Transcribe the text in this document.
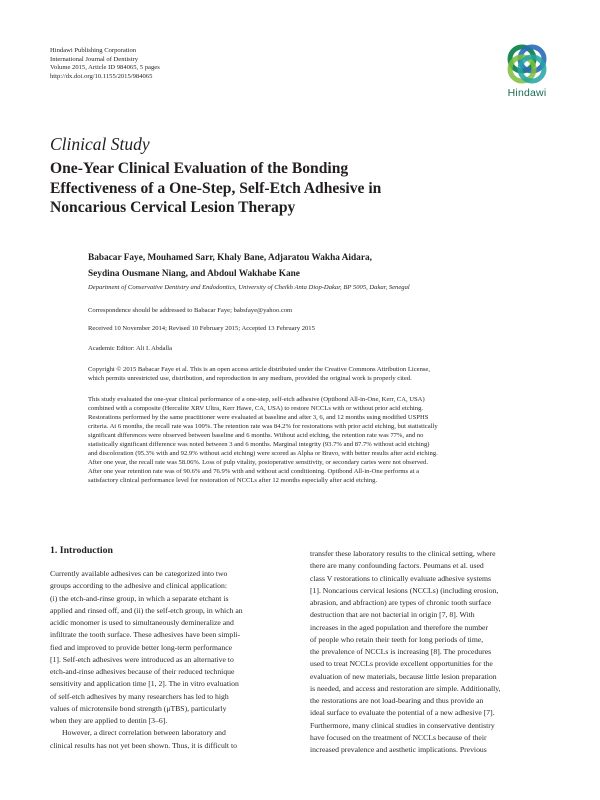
Hindawi Publishing Corporation
International Journal of Dentistry
Volume 2015, Article ID 984065, 5 pages
http://dx.doi.org/10.1155/2015/984065
Hindawi
Clinical Study
One-Year Clinical Evaluation of the Bonding
Effectiveness of a One-Step, Self-Etch Adhesive in
Noncarious Cervical Lesion Therapy
Babacar Faye, Mouhamed Sarr, Khaly Bane, Adjaratou Wakha Aidara,
Seydina Ousmane Niang, and Abdoul Wakhabe Kane
Department of Conservative Dentistry and Endodontics, University of Cheikh Anta Diop-Dakar, BP 5005, Dakar, Senegal
Correspondence should be addressed to Babacar Faye; babsfaye@yahoo.com
Received 10 November 2014; Revised 10 February 2015; Accepted 13 February 2015
Academic Editor: Ali I. Abdalla
Copyright © 2015 Babacar Faye et al. This is an open access article distributed under the Creative Commons Attribution License,
which permits unrestricted use, distribution, and reproduction in any medium, provided the original work is properly cited.
This study evaluated the one-year clinical performance of a one-step, self-etch adhesive (Optibond All-in-One, Kerr, CA, USA)
combined with a composite (Herculite XRV Ultra, Kerr Hawe, CA, USA) to restore NCCLs with or without prior acid etching.
Restorations performed by the same practitioner were evaluated at baseline and after 3, 6, and 12 months using modified USPHS
criteria. At 6 months, the recall rate was 100%. The retention rate was 84.2% for restorations with prior acid etching, but statistically
significant differences were observed between baseline and 6 months. Without acid etching, the retention rate was 77%, and no
statistically significant difference was noted between 3 and 6 months. Marginal integrity (93.7% and 87.7% without acid etching)
and discoloration (95.3% with and 92.9% without acid etching) were scored as Alpha or Bravo, with better results after acid etching.
After one year, the recall rate was 58.06%. Loss of pulp vitality, postoperative sensitivity, or secondary caries were not observed.
After one year retention rate was of 90.6% and 76.9% with and without acid conditioning. Optibond All-in-One performs at a
satisfactory clinical performance level for restoration of NCCLs after 12 months especially after acid etching.
1. Introduction
Currently available adhesives can be categorized into two
groups according to the adhesive and clinical application:
(i) the etch-and-rinse group, in which a separate etchant is
applied and rinsed off, and (ii) the self-etch group, in which an
acidic monomer is used to simultaneously demineralize and
infiltrate the tooth surface. These adhesives have been simpli-
fied and improved to provide better long-term performance
[1]. Self-etch adhesives were introduced as an alternative to
etch-and-rinse adhesives because of their reduced technique
sensitivity and application time [1, 2]. The in vitro evaluation
of self-etch adhesives by many researchers has led to high
values of microtensile bond strength (μTBS), particularly
when they are applied to dentin [3–6].
However, a direct correlation between laboratory and
clinical results has not yet been shown. Thus, it is difficult to
transfer these laboratory results to the clinical setting, where
there are many confounding factors. Peumans et al. used
class V restorations to clinically evaluate adhesive systems
[1]. Noncarious cervical lesions (NCCLs) (including erosion,
abrasion, and abfraction) are types of chronic tooth surface
destruction that are not bacterial in origin [7, 8]. With
increases in the aged population and therefore the number
of people who retain their teeth for long periods of time,
the prevalence of NCCLs is increasing [8]. The procedures
used to treat NCCLs provide excellent opportunities for the
evaluation of new materials, because little lesion preparation
is needed, and access and restoration are simple. Additionally,
the restorations are not load-bearing and thus provide an
ideal surface to evaluate the potential of a new adhesive [7].
Furthermore, many clinical studies in conservative dentistry
have focused on the treatment of NCCLs because of their
increased prevalence and aesthetic implications. Previous
